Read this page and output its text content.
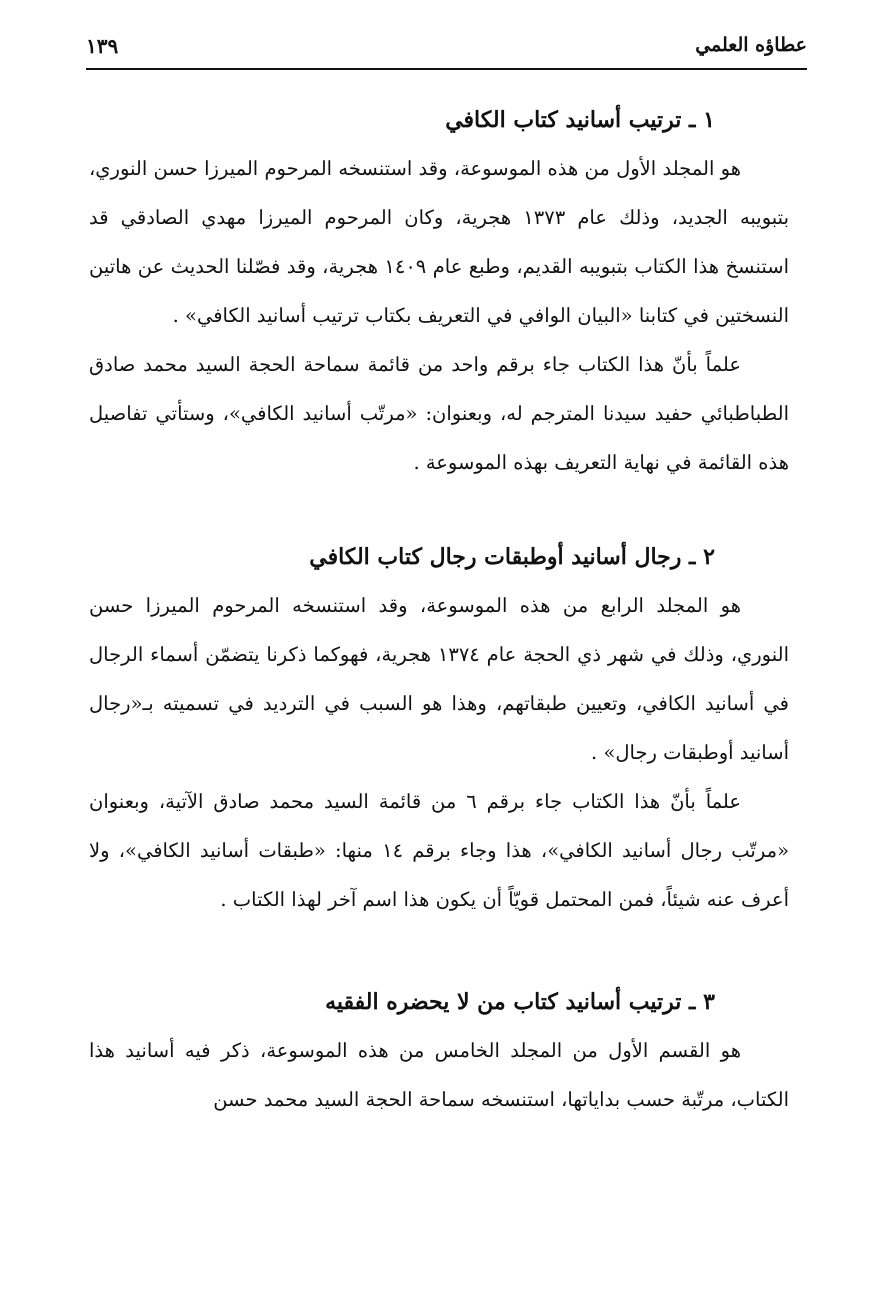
عطاؤه العلمي
١٣٩
١ ـ ترتيب أسانيد كتاب الكافي

هو المجلد الأول من هذه الموسوعة، وقد استنسخه المرحوم الميرزا حسن النوري، بتبويبه الجديد، وذلك عام ١٣٧٣ هجرية، وكان المرحوم الميرزا مهدي الصادقي قد استنسخ هذا الكتاب بتبويبه القديم، وطبع عام ١٤٠٩ هجرية، وقد فصّلنا الحديث عن هاتين النسختين في كتابنا «البيان الوافي في التعريف بكتاب ترتيب أسانيد الكافي» .

علماً بأنّ هذا الكتاب جاء برقم واحد من قائمة سماحة الحجة السيد محمد صادق الطباطبائي حفيد سيدنا المترجم له، وبعنوان: «مرتّب أسانيد الكافي»، وستأتي تفاصيل هذه القائمة في نهاية التعريف بهذه الموسوعة .

٢ ـ رجال أسانيد أوطبقات رجال كتاب الكافي

هو المجلد الرابع من هذه الموسوعة، وقد استنسخه المرحوم الميرزا حسن النوري، وذلك في شهر ذي الحجة عام ١٣٧٤ هجرية، فهوكما ذكرنا يتضمّن أسماء الرجال في أسانيد الكافي، وتعيين طبقاتهم، وهذا هو السبب في الترديد في تسميته بـ«رجال أسانيد أوطبقات رجال» .

علماً بأنّ هذا الكتاب جاء برقم ٦ من قائمة السيد محمد صادق الآتية، وبعنوان «مرتّب رجال أسانيد الكافي»، هذا وجاء برقم ١٤ منها: «طبقات أسانيد الكافي»، ولا أعرف عنه شيئاً، فمن المحتمل قويّاً أن يكون هذا اسم آخر لهذا الكتاب .

٣ ـ ترتيب أسانيد كتاب من لا يحضره الفقيه

هو القسم الأول من المجلد الخامس من هذه الموسوعة، ذكر فيه أسانيد هذا الكتاب، مرتّبة حسب بداياتها، استنسخه سماحة الحجة السيد محمد حسن
